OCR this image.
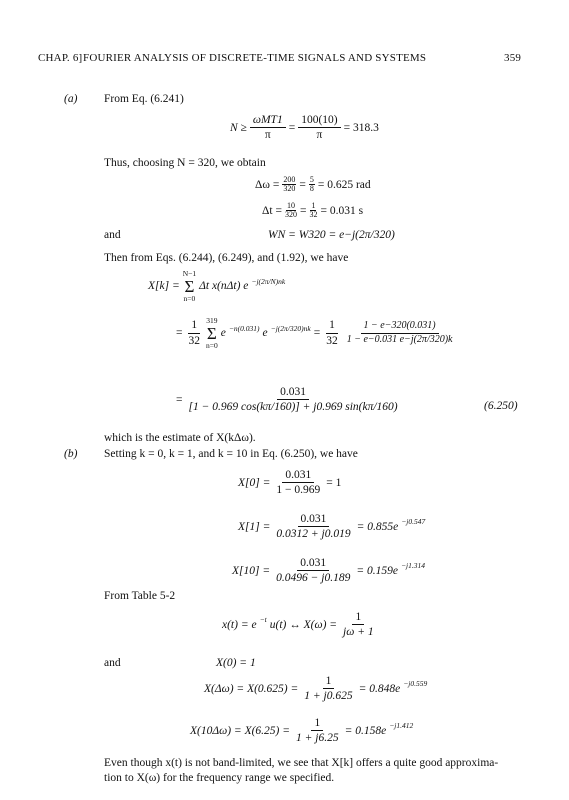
CHAP. 6] FOURIER ANALYSIS OF DISCRETE-TIME SIGNALS AND SYSTEMS	359
(a) From Eq. (6.241)
$N \ge \frac{\text{ωMT1}}{\pi} = \frac{100(10)}{\pi} = 318.3$
Thus, choosing N = 320, we obtain
$\Delta\omega = \frac{200}{320} = \frac{5}{8} = 0.625$ rad
$\Delta t = \frac{10}{320} = \frac{1}{32} = 0.031$ s
and	WN = W320 = e−j(2π/320)
Then from Eqs. (6.244), (6.249), and (1.92), we have
X[k] =
N−1
Σ
n=0
Δt x(nΔt) e $^{-j(2\pi/N)nk}$
= $\frac{1}{32} 319$
Σ
n=0
e $^{-n(0.031)}$ e $^{-j(2\pi/320)nk} = \frac{1}{32} \frac{1 - e-320(0.031)}{1 - e-0.031 e-j(2\pi/320)k}$
= $\frac{0.031}{[1 - 0.969 \cos(k\pi/160)] + j0.969 \sin(k\pi/160)}$	(6.250)
which is the estimate of X(kΔω).
(b) Setting k = 0, k = 1, and k = 10 in Eq. (6.250), we have
$X[0] = \frac{0.031}{1 - 0.969} = 1$
$X[1] = \frac{0.031}{0.0312 + j0.019} = 0.855e$ $^{-j0.547}$
$X[10] = \frac{0.031}{0.0496 - j0.189} = 0.159e$ $^{-j1.314}$
From Table 5-2
x(t) = e $^{-t}$ u(t) ↔ $X(\omega) = \frac{1}{j\omega + 1}$
and	X(0) = 1
$X(\Delta\omega) = X(0.625) = \frac{1}{1 + j0.625} = 0.848e$ $^{-j0.559}$
$X(10\Delta\omega) = X(6.25) = \frac{1}{1 + j6.25} = 0.158e$ $^{-j1.412}$
Even though x(t) is not band-limited, we see that X[k] offers a quite good approxima-
tion to X(ω) for the frequency range we specified.
